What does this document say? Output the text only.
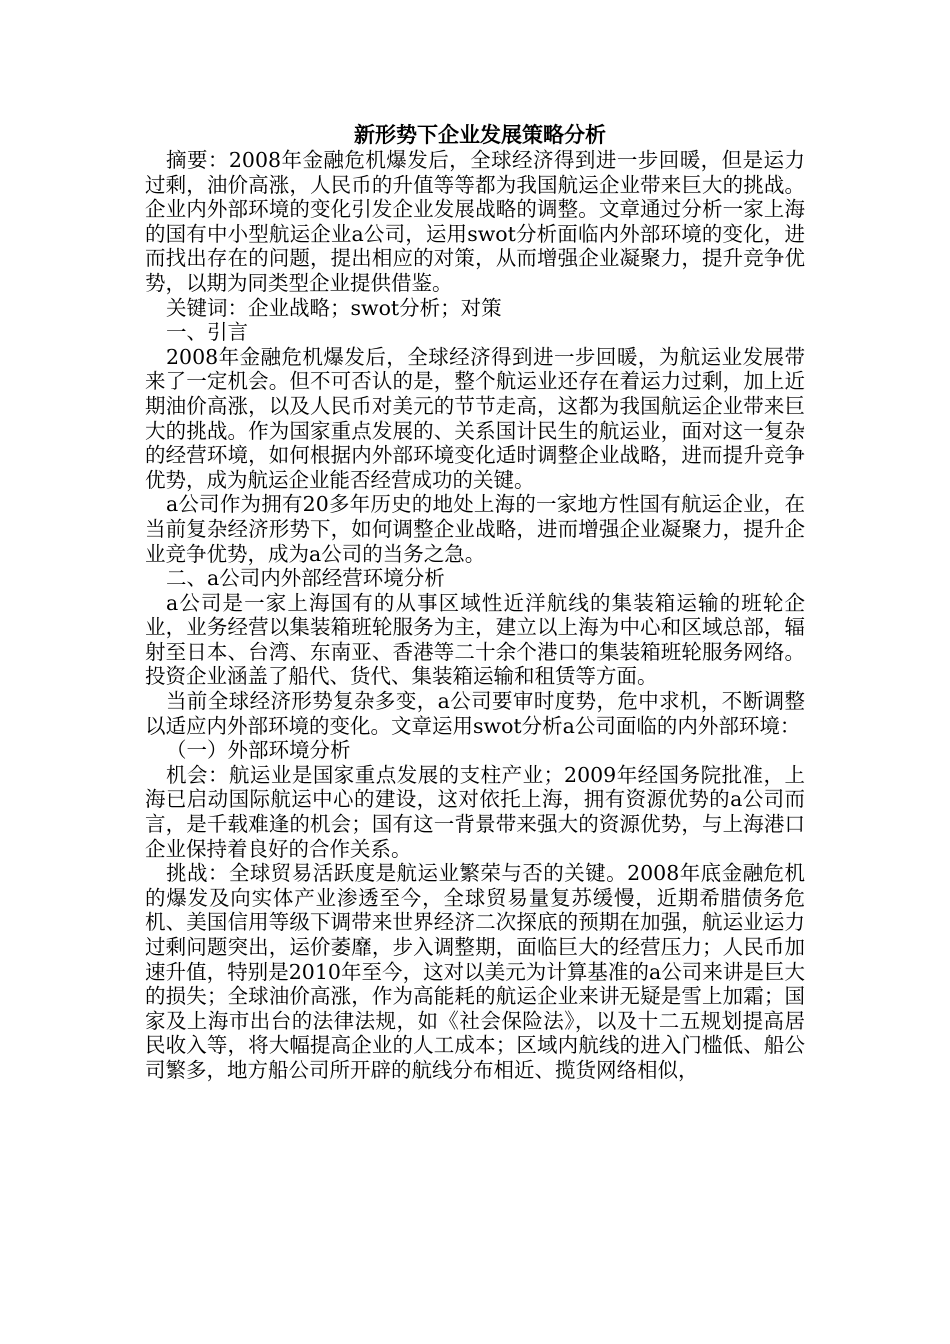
新形势下企业发展策略分析

摘要：2008年金融危机爆发后，全球经济得到进一步回暖，但是运力过剩，油价高涨，人民币的升值等等都为我国航运企业带来巨大的挑战。企业内外部环境的变化引发企业发展战略的调整。文章通过分析一家上海的国有中小型航运企业a公司，运用swot分析面临内外部环境的变化，进而找出存在的问题，提出相应的对策，从而增强企业凝聚力，提升竞争优势，以期为同类型企业提供借鉴。

关键词：企业战略；swot分析；对策

一、引言

2008年金融危机爆发后，全球经济得到进一步回暖，为航运业发展带来了一定机会。但不可否认的是，整个航运业还存在着运力过剩，加上近期油价高涨，以及人民币对美元的节节走高，这都为我国航运企业带来巨大的挑战。作为国家重点发展的、关系国计民生的航运业，面对这一复杂的经营环境，如何根据内外部环境变化适时调整企业战略，进而提升竞争优势，成为航运企业能否经营成功的关键。

a公司作为拥有20多年历史的地处上海的一家地方性国有航运企业，在当前复杂经济形势下，如何调整企业战略，进而增强企业凝聚力，提升企业竞争优势，成为a公司的当务之急。

二、a公司内外部经营环境分析

a公司是一家上海国有的从事区域性近洋航线的集装箱运输的班轮企业，业务经营以集装箱班轮服务为主，建立以上海为中心和区域总部，辐射至日本、台湾、东南亚、香港等二十余个港口的集装箱班轮服务网络。投资企业涵盖了船代、货代、集装箱运输和租赁等方面。

当前全球经济形势复杂多变，a公司要审时度势，危中求机，不断调整以适应内外部环境的变化。文章运用swot分析a公司面临的内外部环境：

（一）外部环境分析

机会：航运业是国家重点发展的支柱产业；2009年经国务院批准，上海已启动国际航运中心的建设，这对依托上海，拥有资源优势的a公司而言，是千载难逢的机会；国有这一背景带来强大的资源优势，与上海港口企业保持着良好的合作关系。

挑战：全球贸易活跃度是航运业繁荣与否的关键。2008年底金融危机的爆发及向实体产业渗透至今，全球贸易量复苏缓慢，近期希腊债务危机、美国信用等级下调带来世界经济二次探底的预期在加强，航运业运力过剩问题突出，运价萎靡，步入调整期，面临巨大的经营压力；人民币加速升值，特别是2010年至今，这对以美元为计算基准的a公司来讲是巨大的损失；全球油价高涨，作为高能耗的航运企业来讲无疑是雪上加霜；国家及上海市出台的法律法规，如《社会保险法》，以及十二五规划提高居民收入等，将大幅提高企业的人工成本；区域内航线的进入门槛低、船公司繁多，地方船公司所开辟的航线分布相近、揽货网络相似，
